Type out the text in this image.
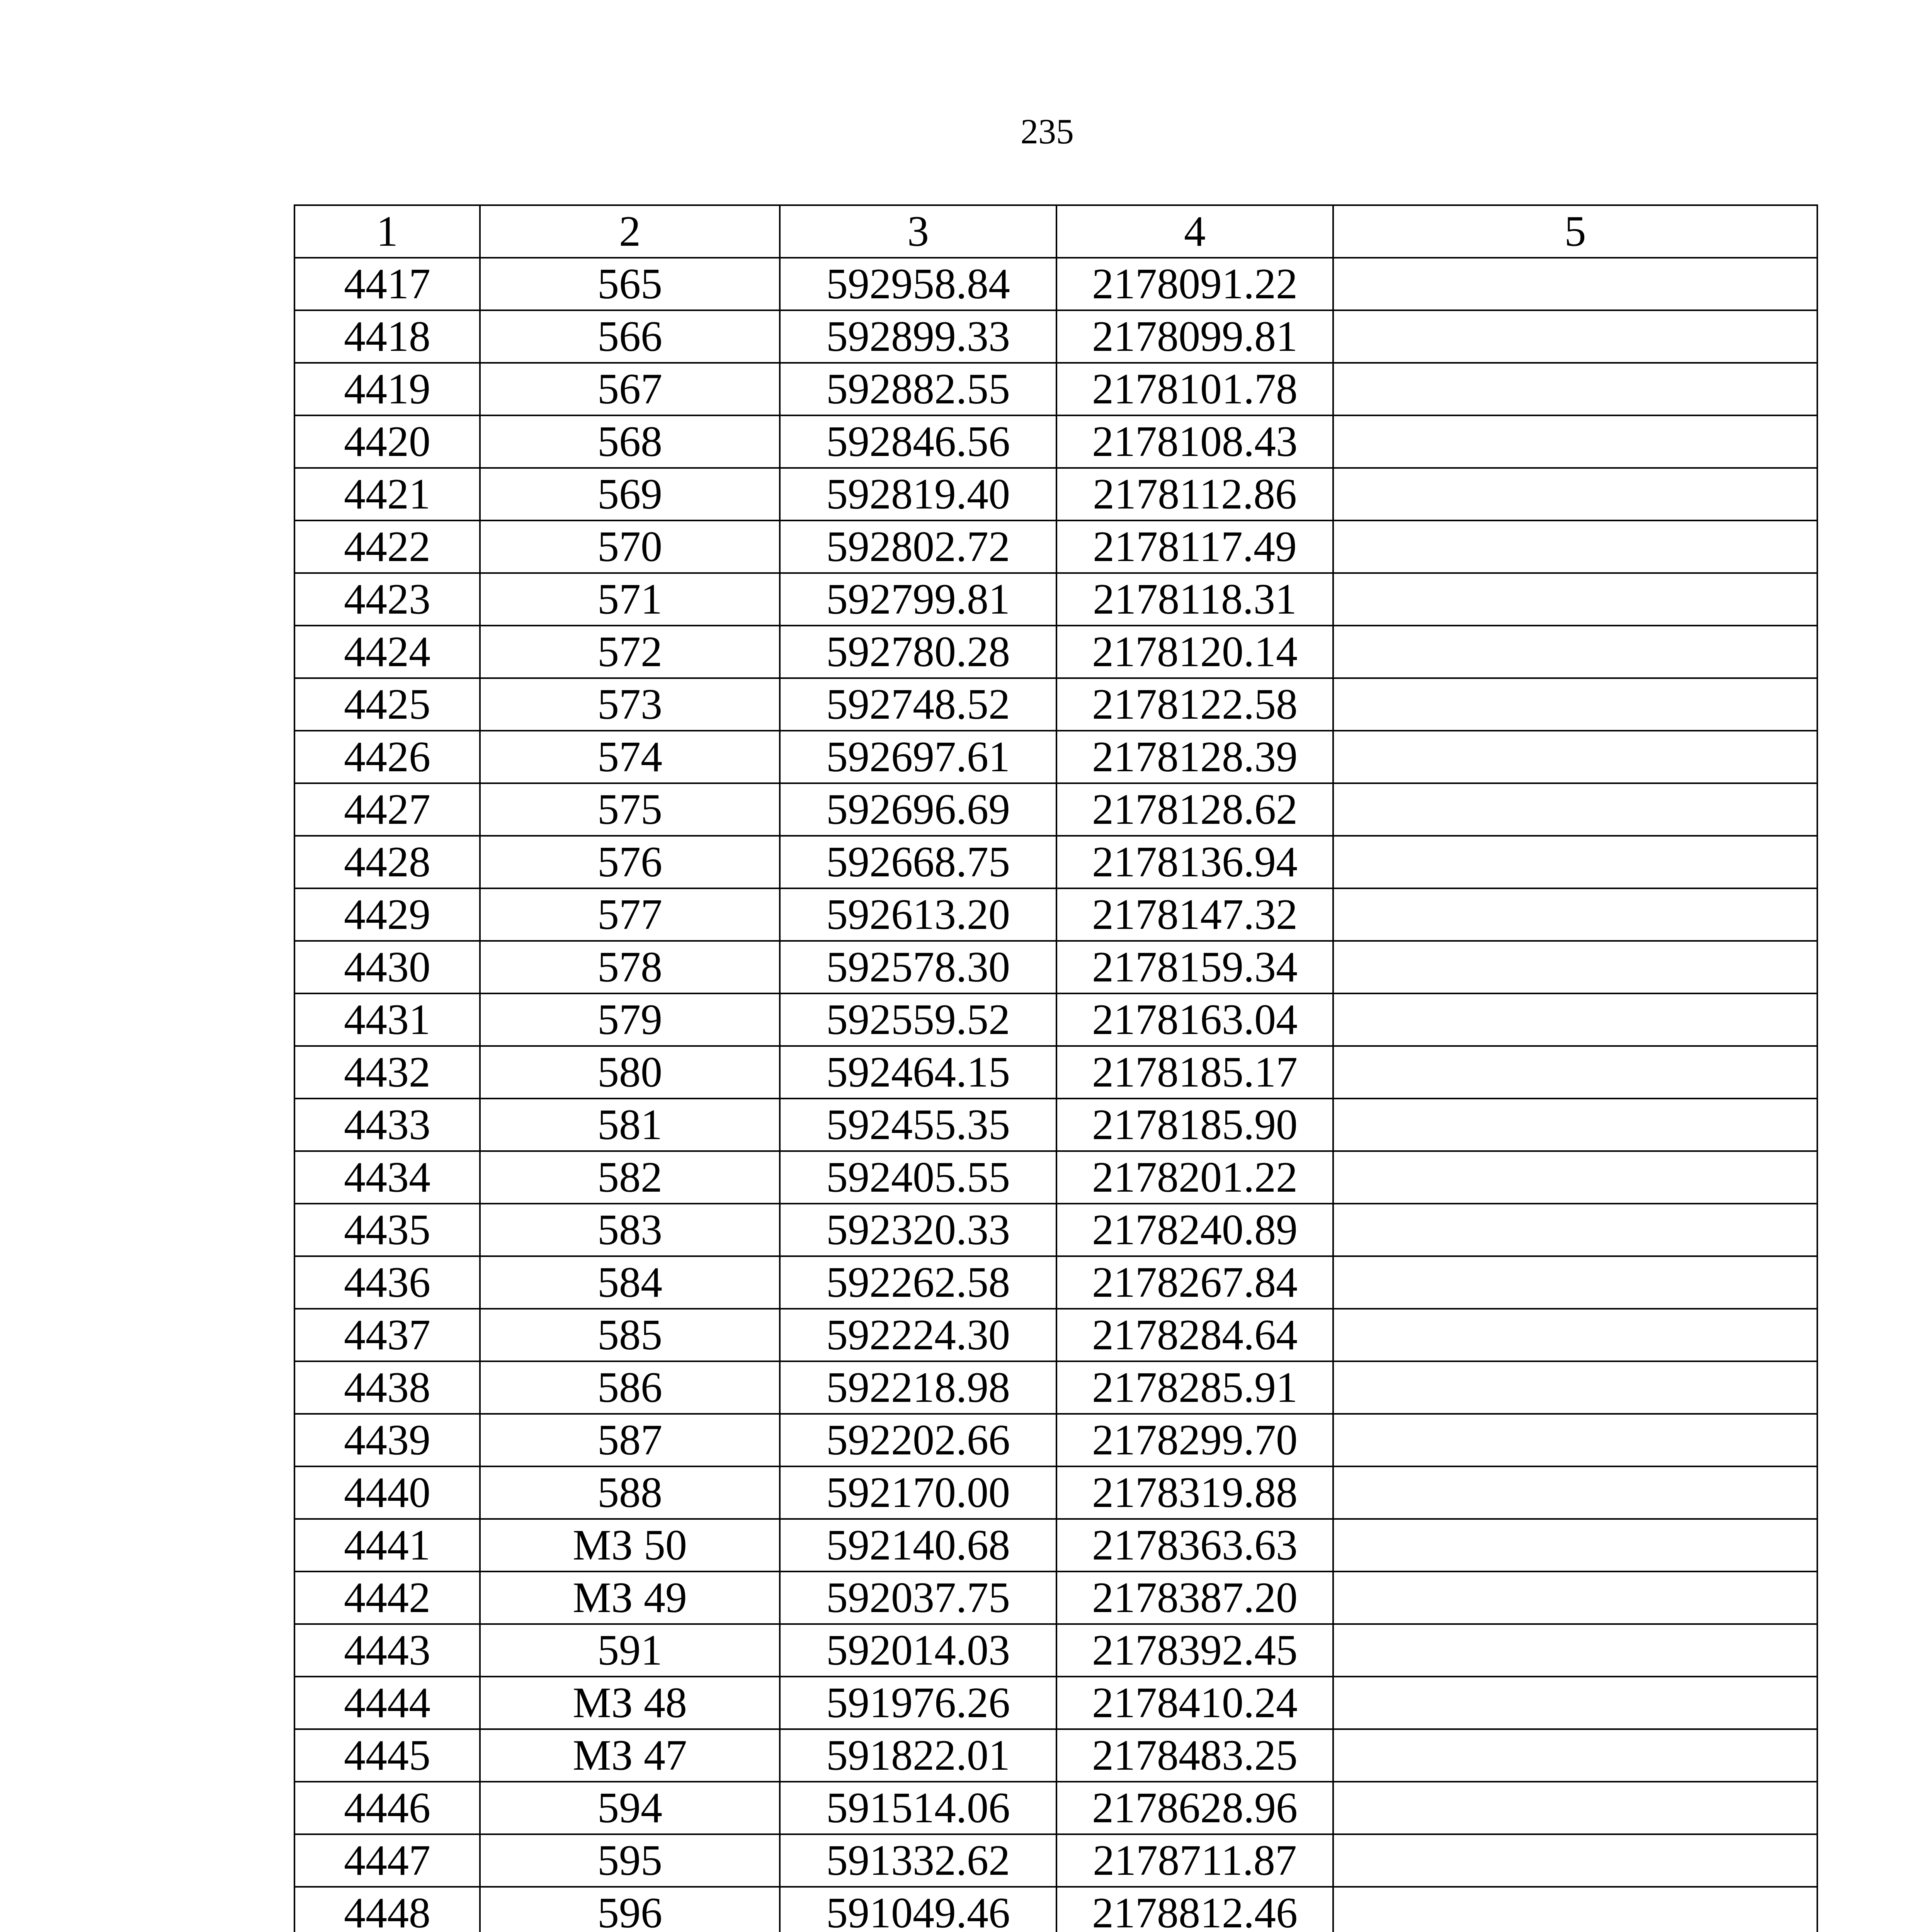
235
1	2	3	4	5
4417	565	592958.84	2178091.22	
4418	566	592899.33	2178099.81	
4419	567	592882.55	2178101.78	
4420	568	592846.56	2178108.43	
4421	569	592819.40	2178112.86	
4422	570	592802.72	2178117.49	
4423	571	592799.81	2178118.31	
4424	572	592780.28	2178120.14	
4425	573	592748.52	2178122.58	
4426	574	592697.61	2178128.39	
4427	575	592696.69	2178128.62	
4428	576	592668.75	2178136.94	
4429	577	592613.20	2178147.32	
4430	578	592578.30	2178159.34	
4431	579	592559.52	2178163.04	
4432	580	592464.15	2178185.17	
4433	581	592455.35	2178185.90	
4434	582	592405.55	2178201.22	
4435	583	592320.33	2178240.89	
4436	584	592262.58	2178267.84	
4437	585	592224.30	2178284.64	
4438	586	592218.98	2178285.91	
4439	587	592202.66	2178299.70	
4440	588	592170.00	2178319.88	
4441	МЗ 50	592140.68	2178363.63	
4442	МЗ 49	592037.75	2178387.20	
4443	591	592014.03	2178392.45	
4444	МЗ 48	591976.26	2178410.24	
4445	МЗ 47	591822.01	2178483.25	
4446	594	591514.06	2178628.96	
4447	595	591332.62	2178711.87	
4448	596	591049.46	2178812.46	
